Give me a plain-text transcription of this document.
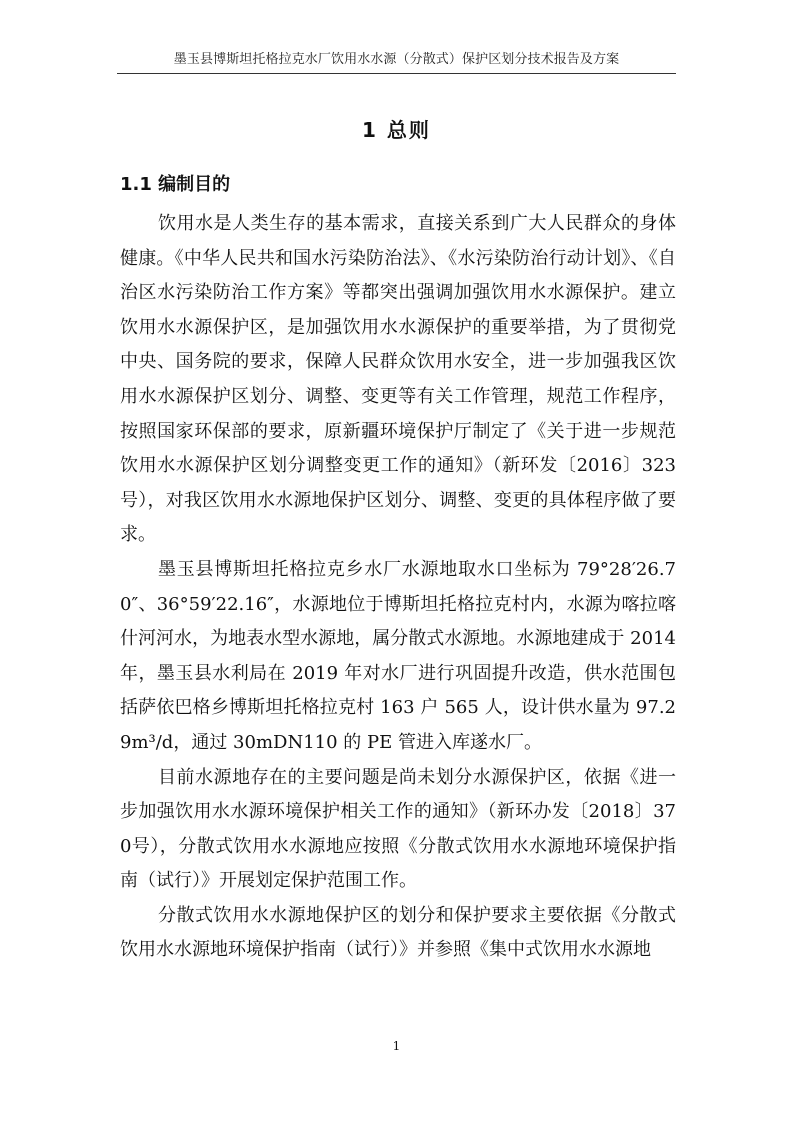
墨玉县博斯坦托格拉克水厂饮用水水源（分散式）保护区划分技术报告及方案
1 总则
1.1 编制目的

饮用水是人类生存的基本需求，直接关系到广大人民群众的身体健康。《中华人民共和国水污染防治法》、《水污染防治行动计划》、《自治区水污染防治工作方案》等都突出强调加强饮用水水源保护。建立饮用水水源保护区，是加强饮用水水源保护的重要举措，为了贯彻党中央、国务院的要求，保障人民群众饮用水安全，进一步加强我区饮用水水源保护区划分、调整、变更等有关工作管理，规范工作程序，按照国家环保部的要求，原新疆环境保护厅制定了《关于进一步规范饮用水水源保护区划分调整变更工作的通知》（新环发〔2016〕323号），对我区饮用水水源地保护区划分、调整、变更的具体程序做了要求。

墨玉县博斯坦托格拉克乡水厂水源地取水口坐标为 79°28′26.70″、36°59′22.16″，水源地位于博斯坦托格拉克村内，水源为喀拉喀什河河水，为地表水型水源地，属分散式水源地。水源地建成于 2014 年，墨玉县水利局在 2019 年对水厂进行巩固提升改造，供水范围包括萨依巴格乡博斯坦托格拉克村 163 户 565 人，设计供水量为 97.29m³/d，通过 30mDN110 的 PE 管进入库遂水厂。

目前水源地存在的主要问题是尚未划分水源保护区，依据《进一步加强饮用水水源环境保护相关工作的通知》（新环办发〔2018〕370号），分散式饮用水水源地应按照《分散式饮用水水源地环境保护指南（试行）》开展划定保护范围工作。

分散式饮用水水源地保护区的划分和保护要求主要依据《分散式饮用水水源地环境保护指南（试行）》并参照《集中式饮用水水源地

1
